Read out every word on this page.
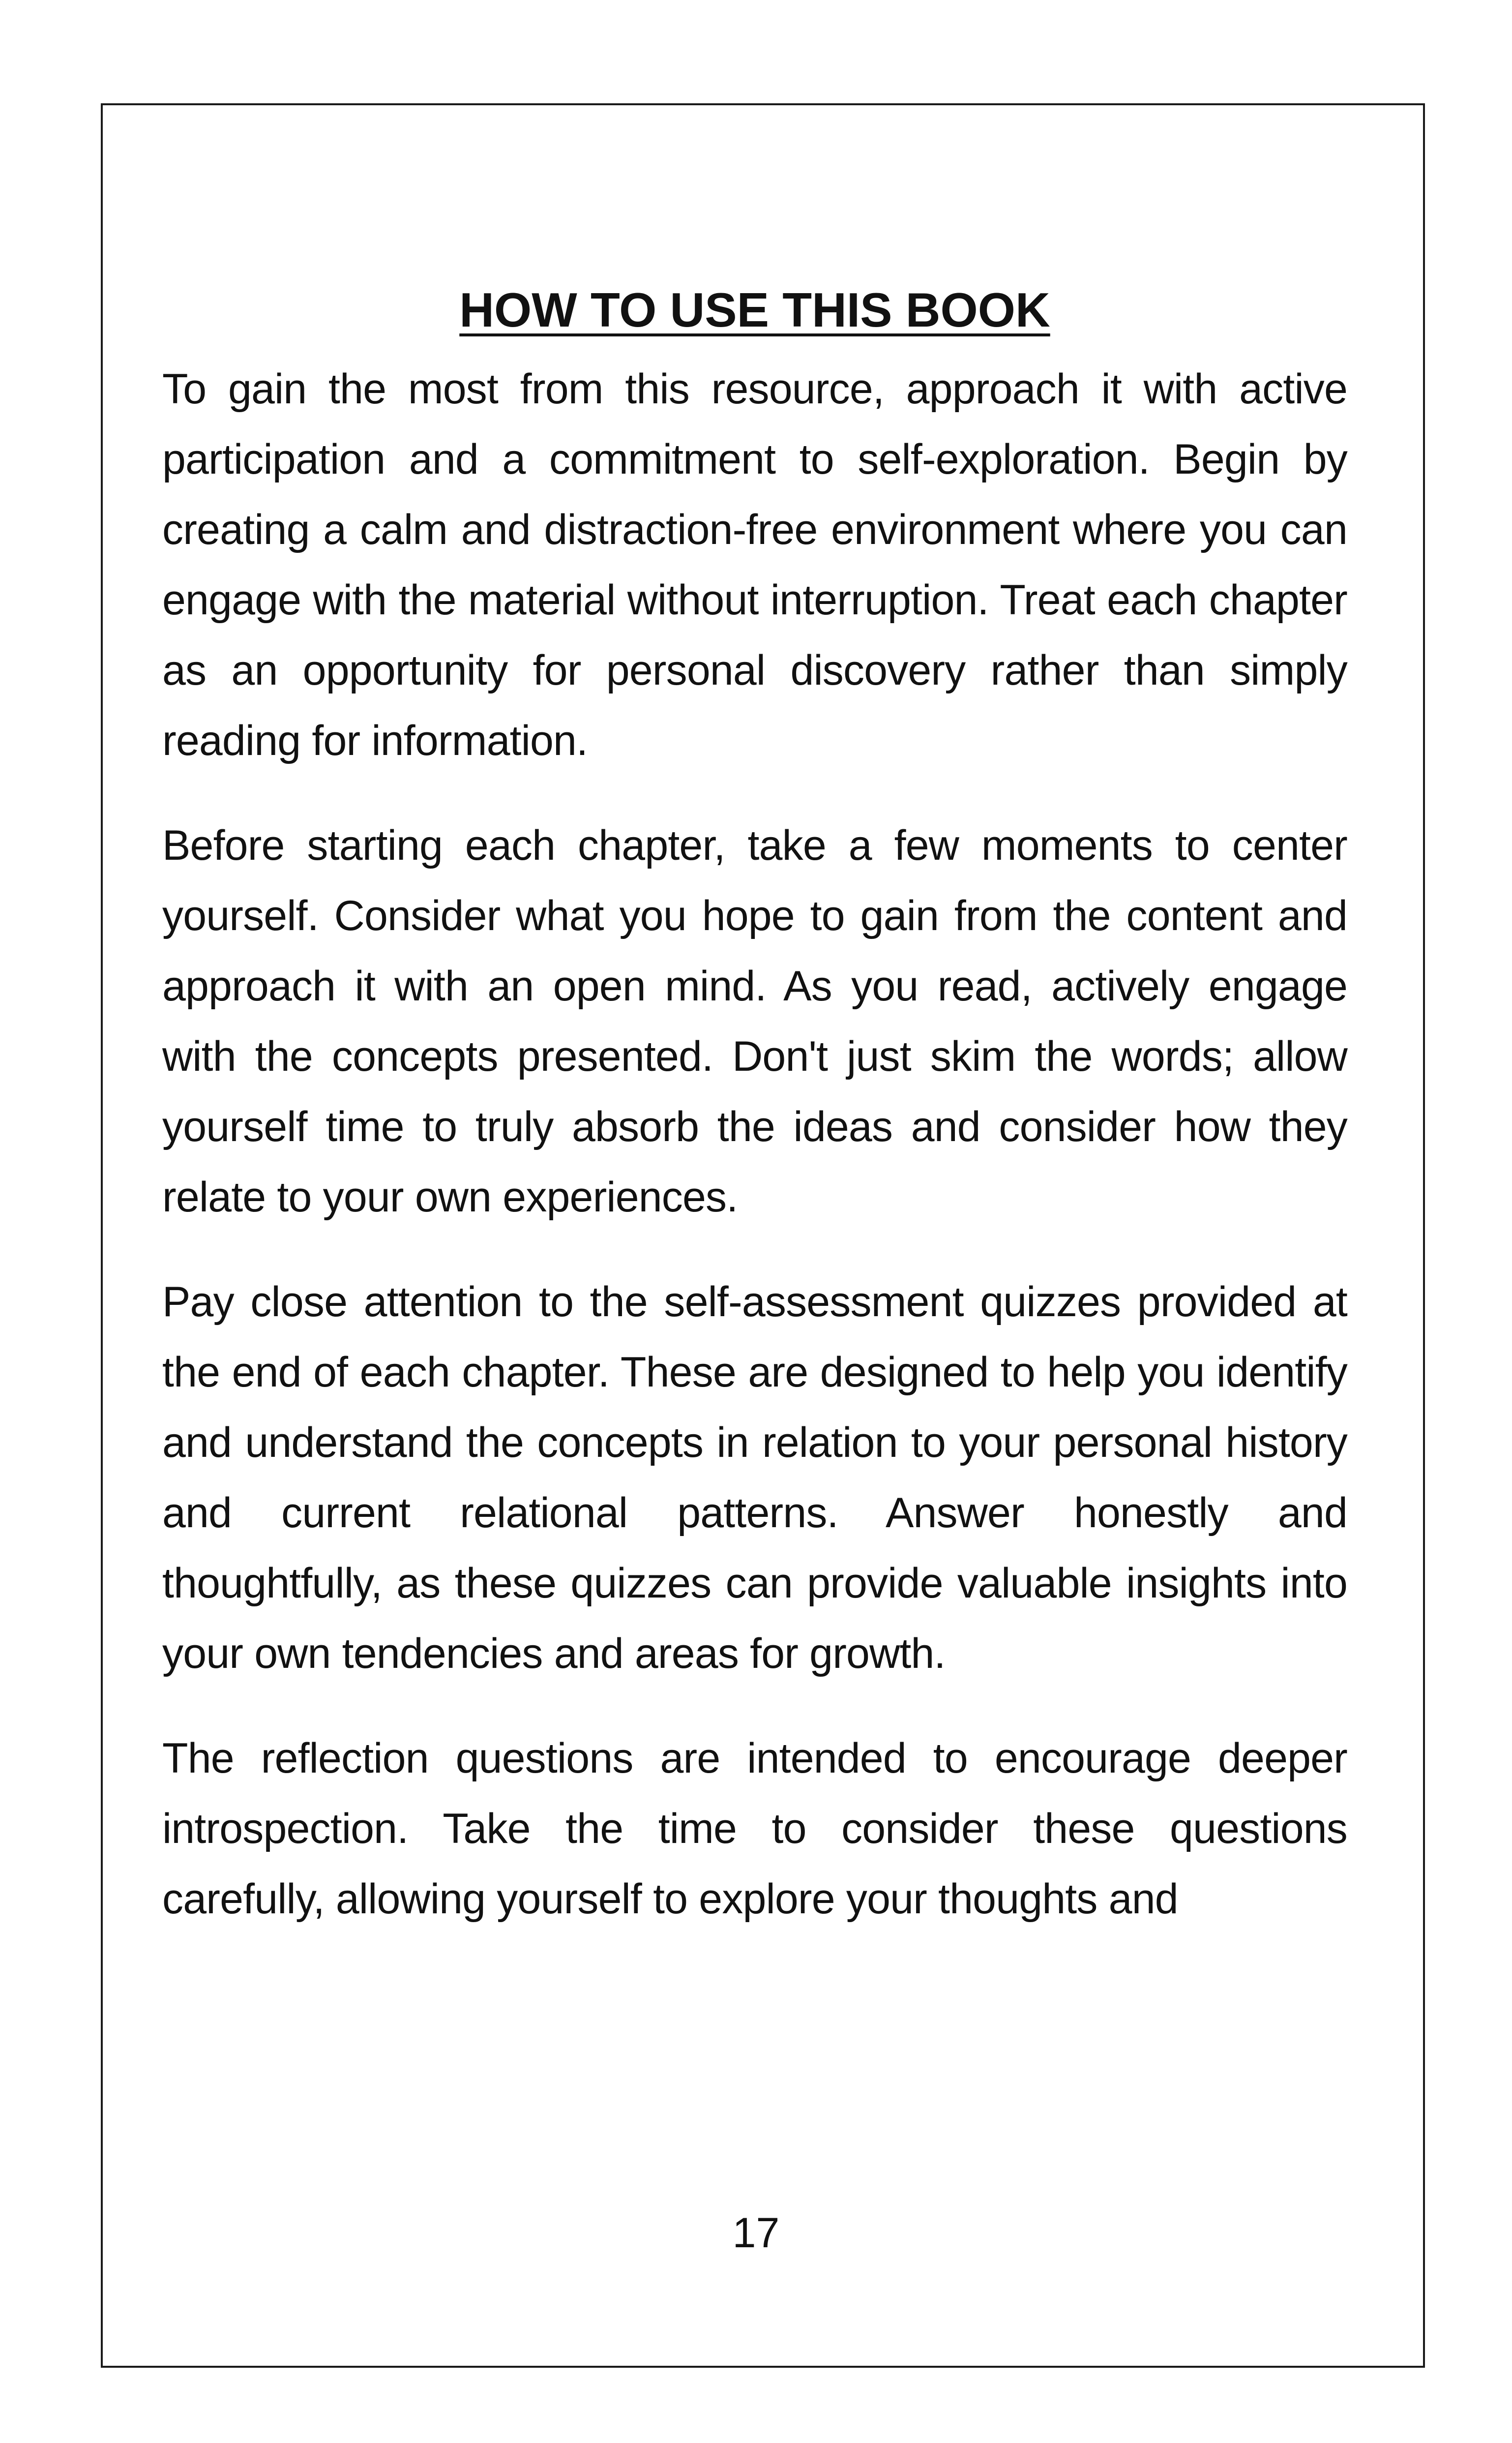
HOW TO USE THIS BOOK

To gain the most from this resource, approach it with active participation and a commitment to self-exploration. Begin by creating a calm and distraction-free environment where you can engage with the material without interruption. Treat each chapter as an opportunity for personal discovery rather than simply reading for information.

Before starting each chapter, take a few moments to center yourself. Consider what you hope to gain from the content and approach it with an open mind. As you read, actively engage with the concepts presented. Don't just skim the words; allow yourself time to truly absorb the ideas and consider how they relate to your own experiences.

Pay close attention to the self-assessment quizzes provided at the end of each chapter. These are designed to help you identify and understand the concepts in relation to your personal history and current relational patterns. Answer honestly and thoughtfully, as these quizzes can provide valuable insights into your own tendencies and areas for growth.

The reflection questions are intended to encourage deeper introspection. Take the time to consider these questions carefully, allowing yourself to explore your thoughts and

17
